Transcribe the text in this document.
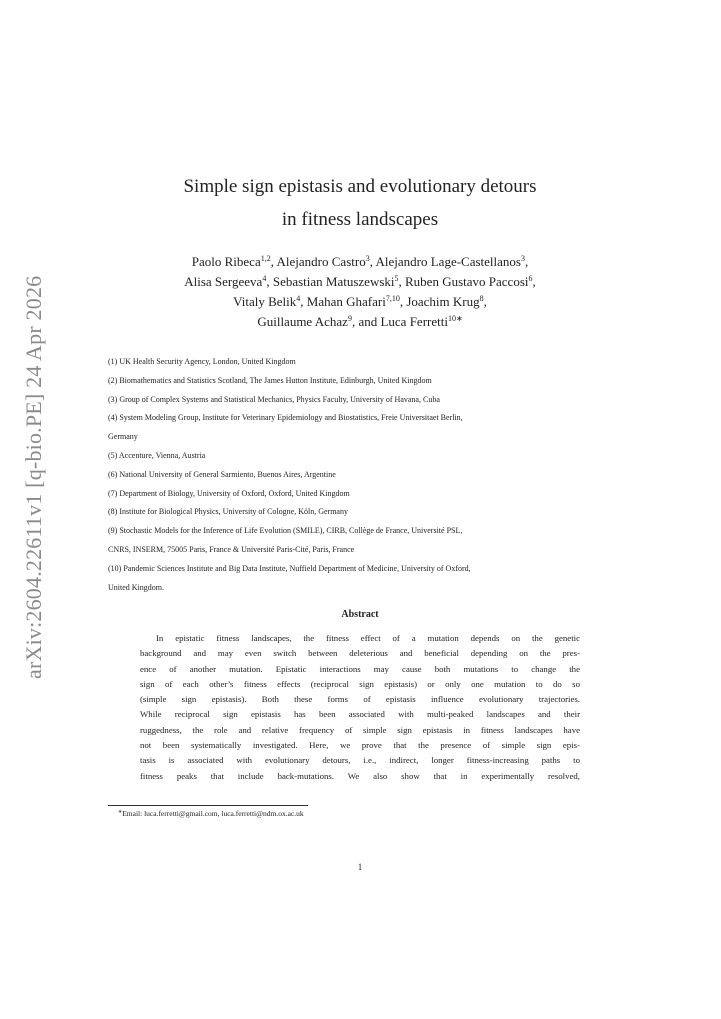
arXiv:2604.22611v1 [q-bio.PE] 24 Apr 2026
Simple sign epistasis and evolutionary detours
in fitness landscapes
Paolo Ribeca$^{1,2}$, Alejandro Castro$^3$, Alejandro Lage-Castellanos$^3$,
Alisa Sergeeva$^4$, Sebastian Matuszewski$^5$, Ruben Gustavo Paccosi$^6$,
Vitaly Belik$^4$, Mahan Ghafari$^{7,10}$, Joachim Krug$^8$,
Guillaume Achaz$^9$, and Luca Ferretti$^{10∗}$
(1) UK Health Security Agency, London, United Kingdom
(2) Biomathematics and Statistics Scotland, The James Hutton Institute, Edinburgh, United Kingdom
(3) Group of Complex Systems and Statistical Mechanics, Physics Faculty, University of Havana, Cuba
(4) System Modeling Group, Institute for Veterinary Epidemiology and Biostatistics, Freie Universitaet Berlin,
Germany
(5) Accenture, Vienna, Austria
(6) National University of General Sarmiento, Buenos Aires, Argentine
(7) Department of Biology, University of Oxford, Oxford, United Kingdom
(8) Institute for Biological Physics, University of Cologne, Köln, Germany
(9) Stochastic Models for the Inference of Life Evolution (SMILE), CIRB, Collège de France, Université PSL,
CNRS, INSERM, 75005 Paris, France & Université Paris-Cité, Paris, France
(10) Pandemic Sciences Institute and Big Data Institute, Nuffield Department of Medicine, University of Oxford,
United Kingdom.
Abstract
In epistatic fitness landscapes, the fitness effect of a mutation depends on the genetic
background and may even switch between deleterious and beneficial depending on the pres-
ence of another mutation. Epistatic interactions may cause both mutations to change the
sign of each other’s fitness effects (reciprocal sign epistasis) or only one mutation to do so
(simple sign epistasis). Both these forms of epistasis influence evolutionary trajectories.
While reciprocal sign epistasis has been associated with multi-peaked landscapes and their
ruggedness, the role and relative frequency of simple sign epistasis in fitness landscapes have
not been systematically investigated. Here, we prove that the presence of simple sign epis-
tasis is associated with evolutionary detours, i.e., indirect, longer fitness-increasing paths to
fitness peaks that include back-mutations. We also show that in experimentally resolved,
∗Email: luca.ferretti@gmail.com, luca.ferretti@ndm.ox.ac.uk
1
